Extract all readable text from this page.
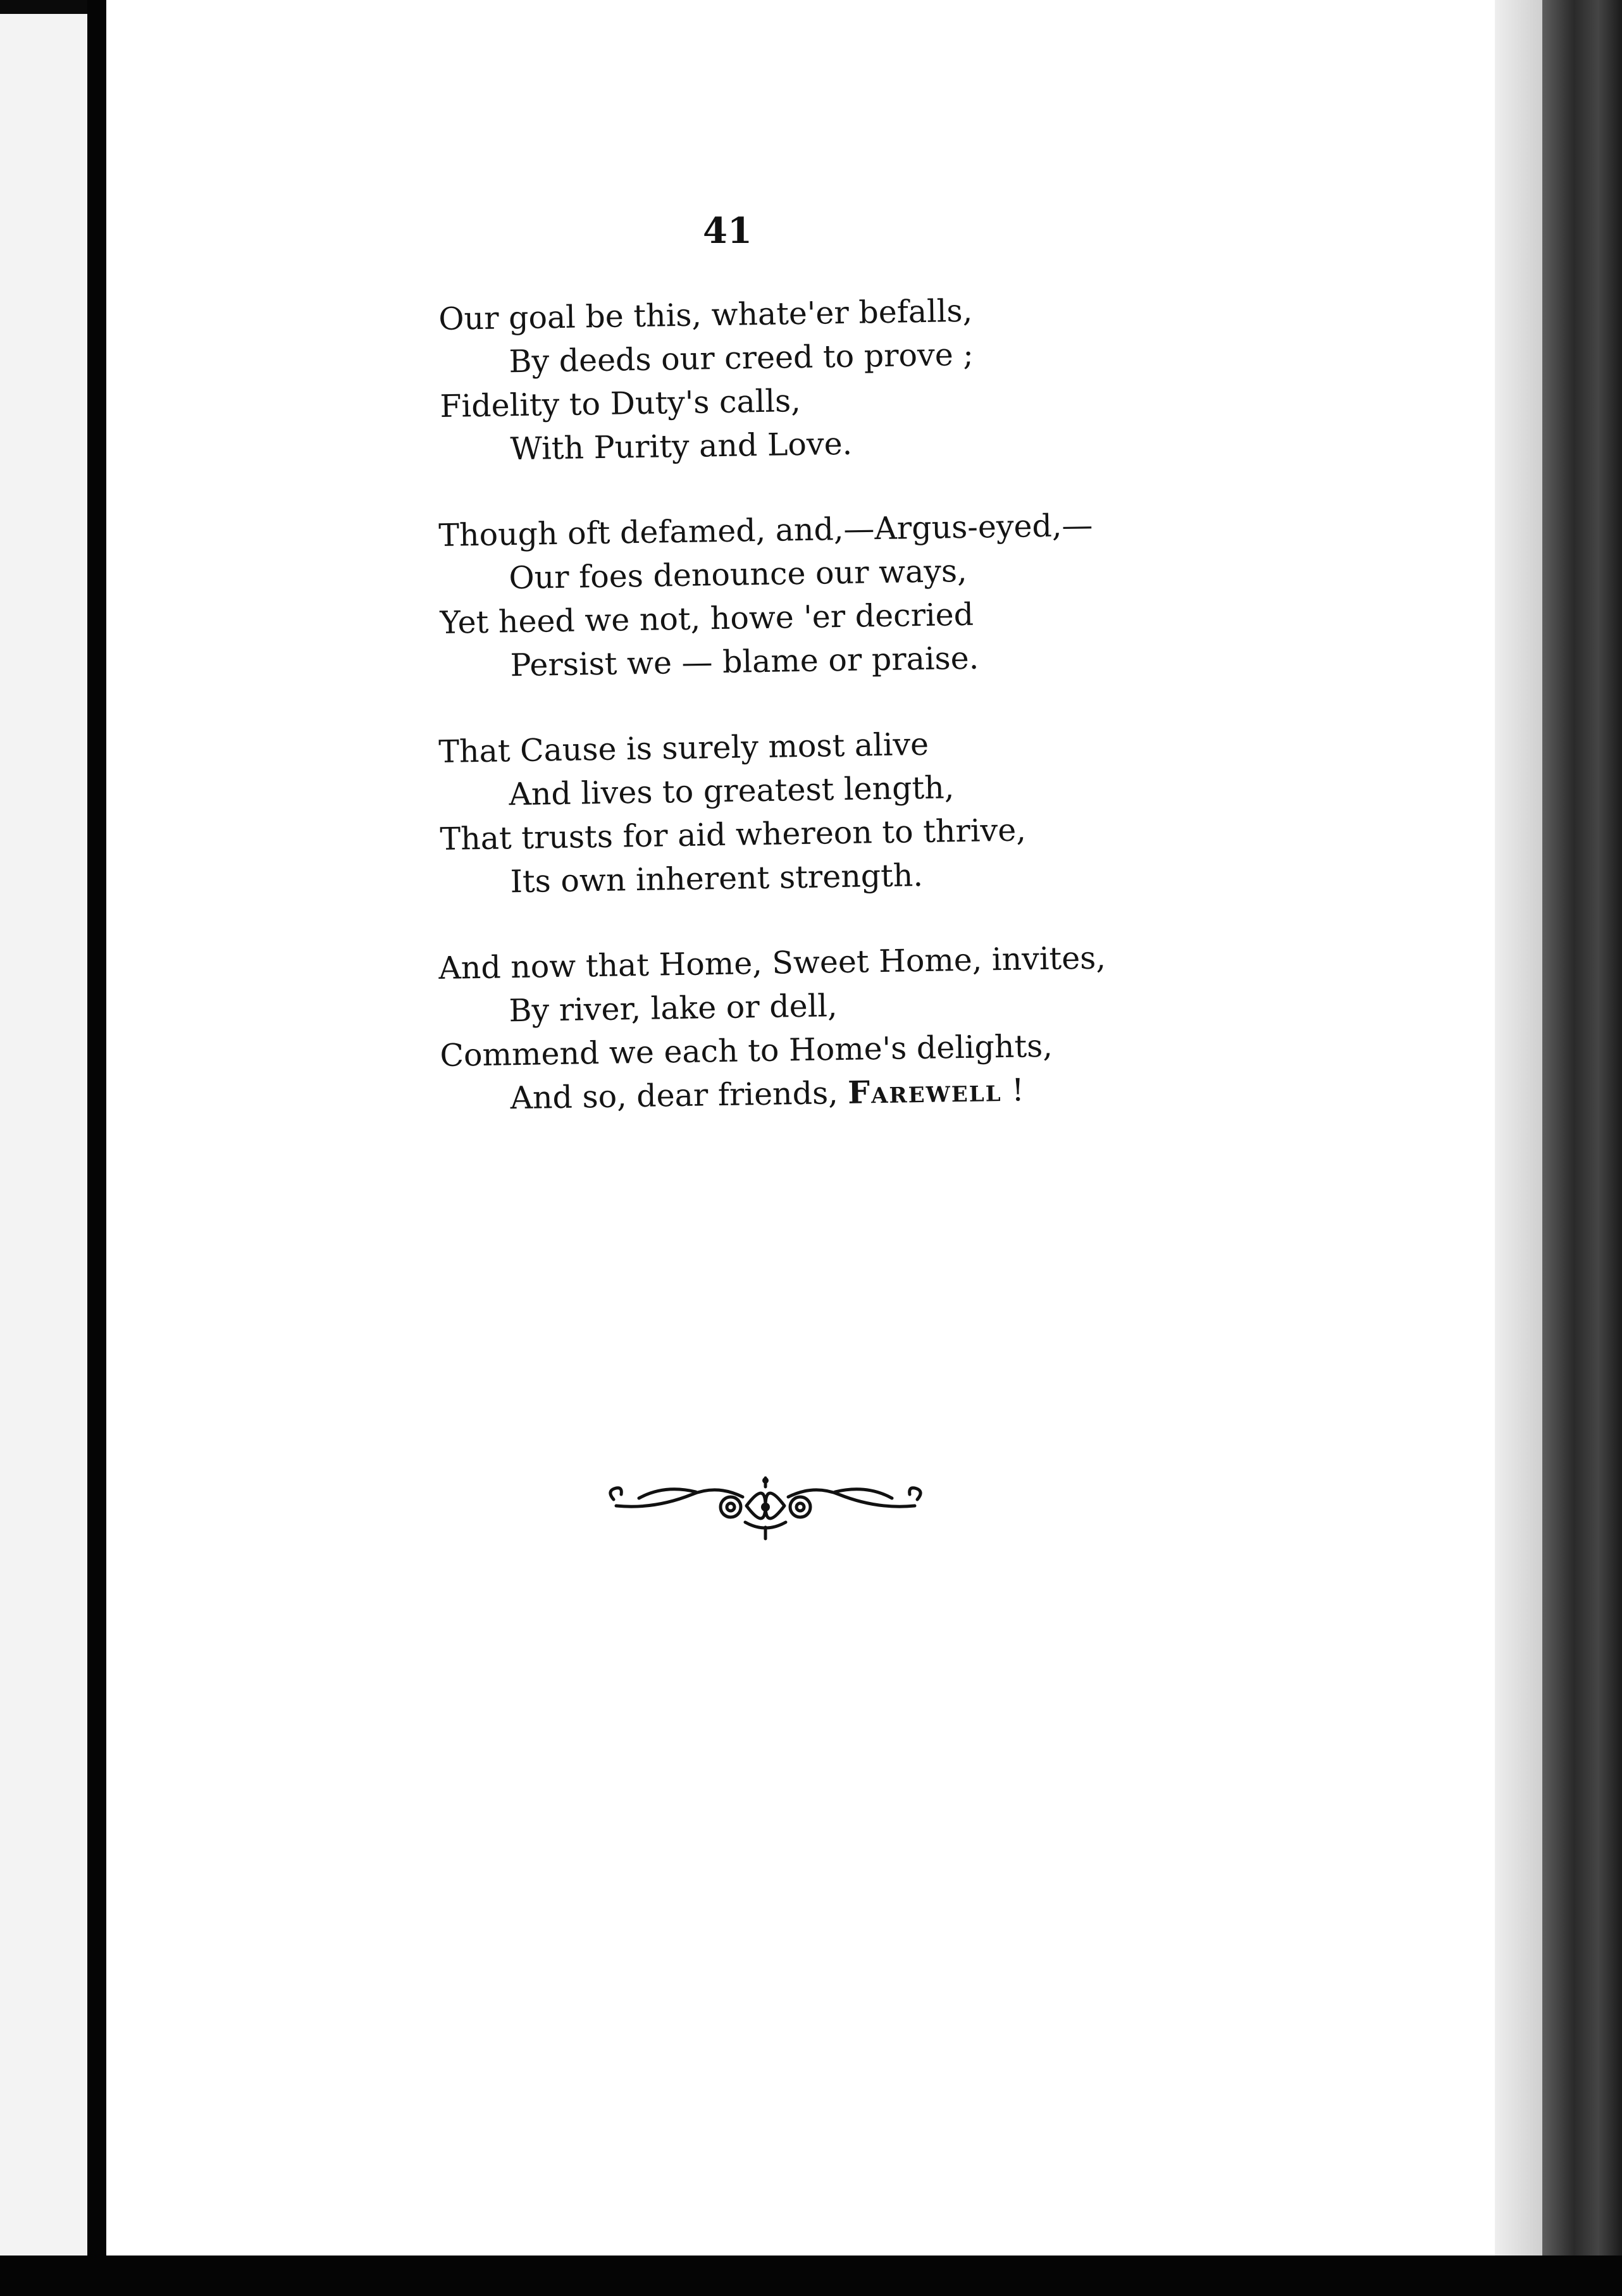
41
Our goal be this, whate'er befalls,
By deeds our creed to prove ;
Fidelity to Duty's calls,
With Purity and Love.
Though oft defamed, and,—Argus-eyed,—
Our foes denounce our ways,
Yet heed we not, howe 'er decried
Persist we — blame or praise.
That Cause is surely most alive
And lives to greatest length,
That trusts for aid whereon to thrive,
Its own inherent strength.
And now that Home, Sweet Home, invites,
By river, lake or dell,
Commend we each to Home's delights,
And so, dear friends, Farewell !
